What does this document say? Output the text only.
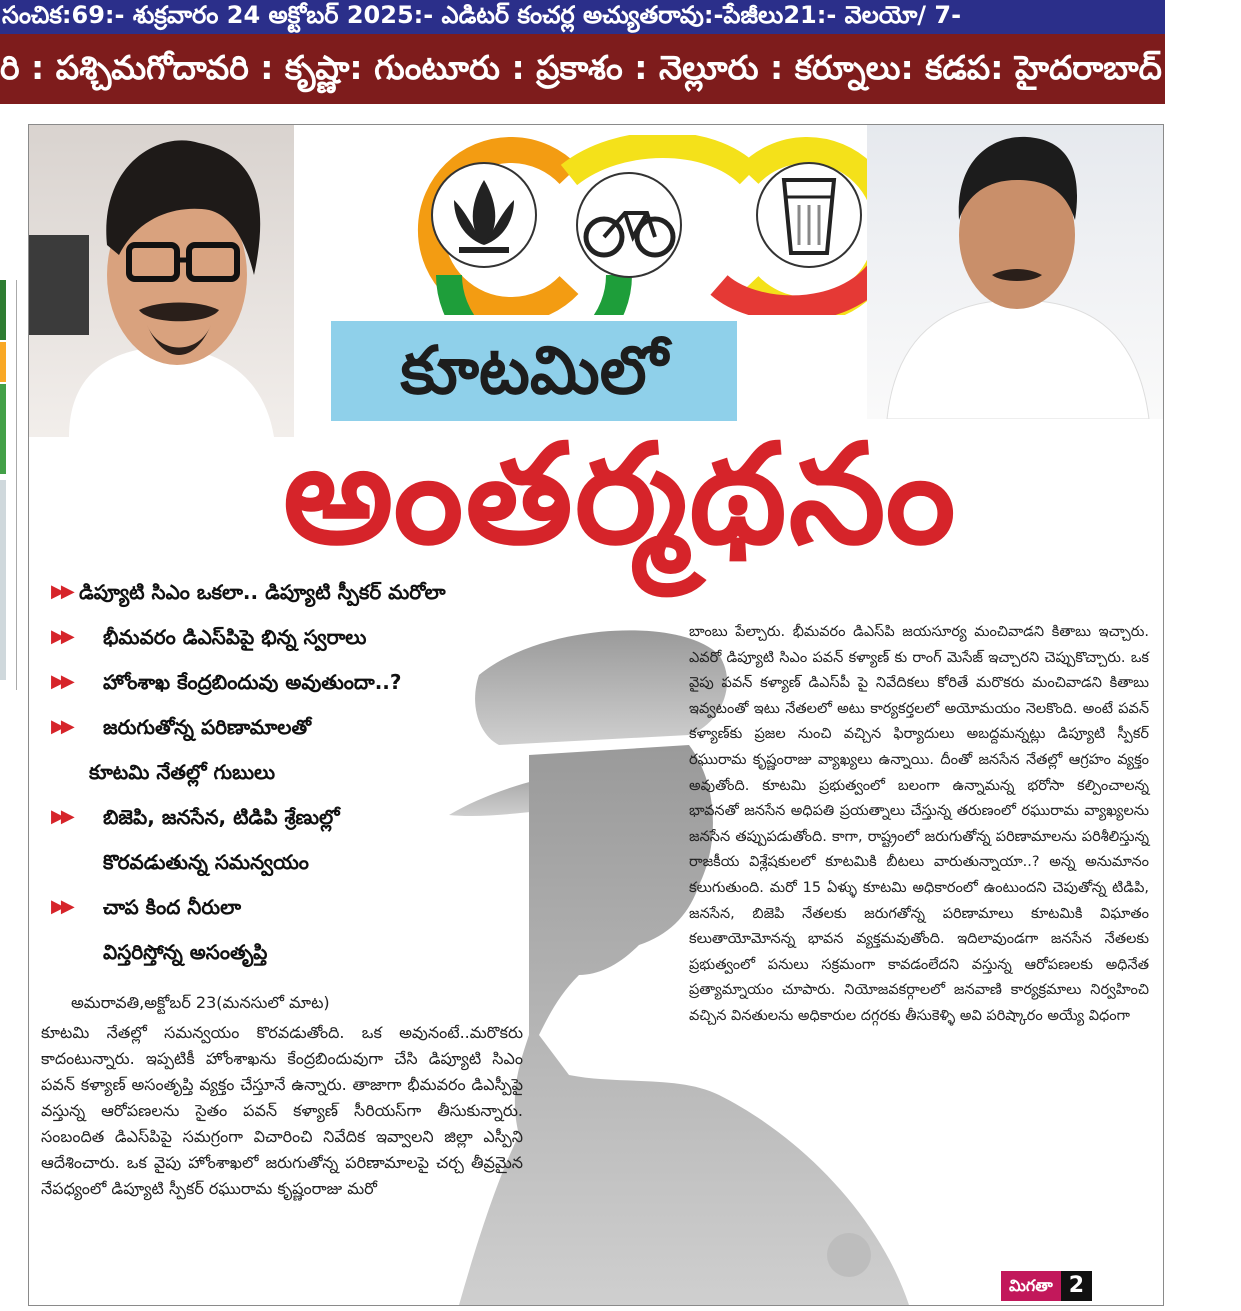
సంచిక:69:- శుక్రవారం 24 అక్టోబర్ 2025:- ఎడిటర్ కంచర్ల అచ్యుతరావు:-పేజీలు21:- వెలయో/ 7-
రి : పశ్చిమగోదావరి : కృష్ణా: గుంటూరు : ప్రకాశం : నెల్లూరు : కర్నూలు: కడప: హైదరాబాద్
కూటమిలో
అంతర్మథనం
▶▶ డిప్యూటి సిఎం ఒకలా.. డిప్యూటి స్పీకర్ మరోలా
▶▶ భీమవరం డిఎస్‌పిపై భిన్న స్వరాలు
▶▶ హోంశాఖ కేంద్రబిందువు అవుతుందా..?
▶▶ జరుగుతోన్న పరిణామాలతో
కూటమి నేతల్లో గుబులు
▶▶ బిజెపి, జనసేన, టిడిపి శ్రేణుల్లో
కొరవడుతున్న సమన్వయం
▶▶ చాప కింద నీరులా
విస్తరిస్తోన్న అసంతృప్తి
అమరావతి,అక్టోబర్ 23(మనసులో మాట)
కూటమి నేతల్లో సమన్వయం కొరవడుతోంది. ఒక అవునంటే..మరొకరు కాదంటున్నారు. ఇప్పటికీ హోంశాఖను కేంద్రబిందువుగా చేసి డిప్యూటి సిఎం పవన్ కళ్యాణ్ అసంతృప్తి వ్యక్తం చేస్తూనే ఉన్నారు. తాజాగా భీమవరం డిఎస్పీపై వస్తున్న ఆరోపణలను సైతం పవన్ కళ్యాణ్ సీరియస్‌గా తీసుకున్నారు. సంబందిత డిఎస్‌పిపై సమగ్రంగా విచారించి నివేదిక ఇవ్వాలని జిల్లా ఎస్పీని ఆదేశించారు. ఒక వైపు హోంశాఖలో జరుగుతోన్న పరిణామాలపై చర్చ తీవ్రమైన నేపధ్యంలో డిప్యూటి స్పీకర్ రఘురామ కృష్ణంరాజు మరో
బాంబు పేల్చారు. భీమవరం డిఎస్‌పి జయసూర్య మంచివాడని కితాబు ఇచ్చారు. ఎవరో డిప్యూటి సిఎం పవన్ కళ్యాణ్ కు రాంగ్ మెసేజ్ ఇచ్చారని చెప్పుకొచ్చారు. ఒక వైపు పవన్ కళ్యాణ్ డిఎస్‌పీ పై నివేదికలు కోరితే మరొకరు మంచివాడని కితాబు ఇవ్వటంతో ఇటు నేతలలో అటు కార్యకర్తలలో అయోమయం నెలకొంది. అంటే పవన్ కళ్యాణ్‌కు ప్రజల నుంచి వచ్చిన ఫిర్యాదులు అబద్దమన్నట్లు డిప్యూటి స్పీకర్ రఘురామ కృష్ణంరాజు వ్యాఖ్యలు ఉన్నాయి. దీంతో జనసేన నేతల్లో ఆగ్రహం వ్యక్తం అవుతోంది. కూటమి ప్రభుత్వంలో బలంగా ఉన్నామన్న భరోసా కల్పించాలన్న భావనతో జనసేన అధిపతి ప్రయత్నాలు చేస్తున్న తరుణంలో రఘురామ వ్యాఖ్యలను జనసేన తప్పుపడుతోంది. కాగా, రాష్ట్రంలో జరుగుతోన్న పరిణామాలను పరిశీలిస్తున్న రాజకీయ విశ్లేషకులలో కూటమికి బీటలు వారుతున్నాయా..? అన్న అనుమానం కలుగుతుంది. మరో 15 ఏళ్ళు కూటమి అధికారంలో ఉంటుందని చెపుతోన్న టిడిపి, జనసేన, బిజెపి నేతలకు జరుగతోన్న పరిణామాలు కూటమికి విఘాతం కలుతాయోమోనన్న భావన వ్యక్తమవుతోంది. ఇదిలావుండగా జనసేన నేతలకు ప్రభుత్వంలో పనులు సక్రమంగా కావడంలేదని వస్తున్న ఆరోపణలకు అధినేత ప్రత్యామ్నాయం చూపారు. నియోజవకర్గాలలో జనవాణి కార్యక్రమాలు నిర్వహించి వచ్చిన వినతులను అధికారుల దగ్గరకు తీసుకెళ్ళి అవి పరిష్కారం అయ్యే విధంగా
మిగతా 2
